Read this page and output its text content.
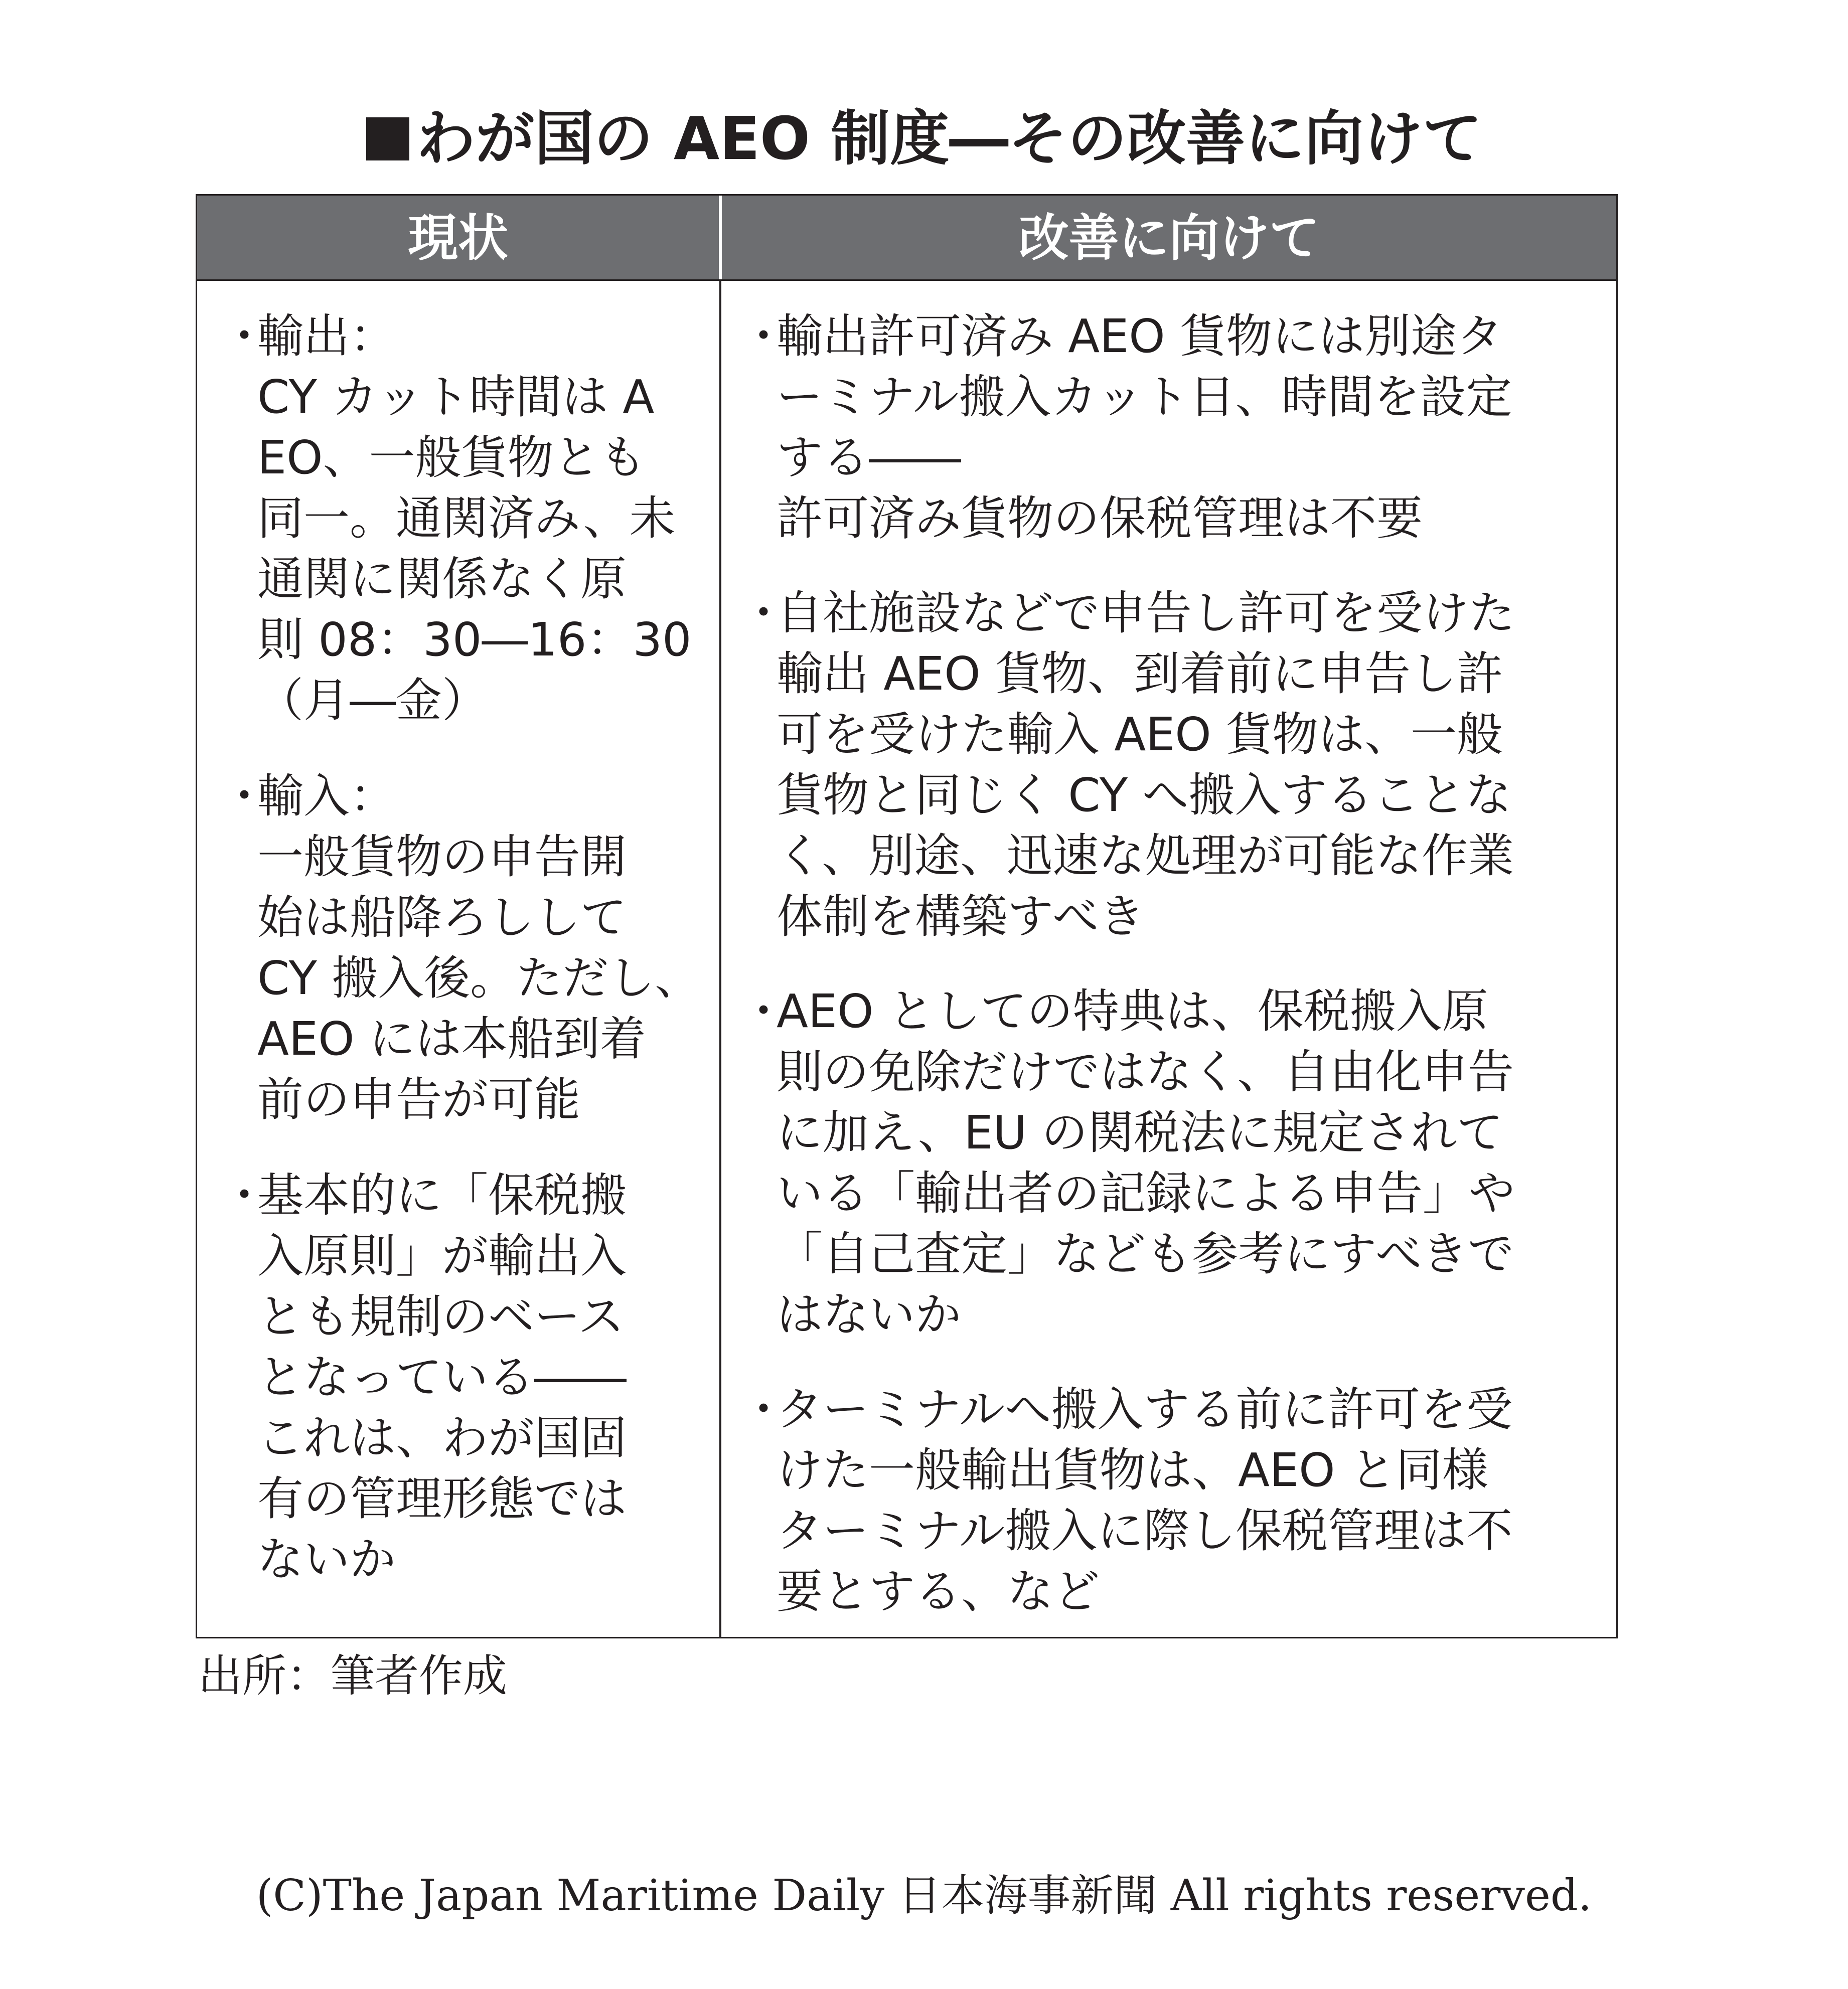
わが国の AEO 制度―その改善に向けて
現状	改善に向けて
・
輸出：
CY カット時間は A
EO、一般貨物とも
同一。通関済み、未
通関に関係なく原
則 08：30―16：30
（月―金）
・
輸入：
一般貨物の申告開
始は船降ろしして
CY 搬入後。ただし、
AEO には本船到着
前の申告が可能
・
基本的に「保税搬
入原則」が輸出入
とも規制のベース
となっている――
これは、わが国固
有の管理形態では
ないか
・
輸出許可済み AEO 貨物には別途タ
ーミナル搬入カット日、時間を設定
する――
許可済み貨物の保税管理は不要
・
自社施設などで申告し許可を受けた
輸出 AEO 貨物、到着前に申告し許
可を受けた輸入 AEO 貨物は、一般
貨物と同じく CY へ搬入することな
く、別途、迅速な処理が可能な作業
体制を構築すべき
・
AEO としての特典は、保税搬入原
則の免除だけではなく、自由化申告
に加え、EU の関税法に規定されて
いる「輸出者の記録による申告」や
「自己査定」なども参考にすべきで
はないか
・
ターミナルへ搬入する前に許可を受
けた一般輸出貨物は、AEO と同様
ターミナル搬入に際し保税管理は不
要とする、など
出所：筆者作成
(C)The Japan Maritime Daily 日本海事新聞 All rights reserved.
